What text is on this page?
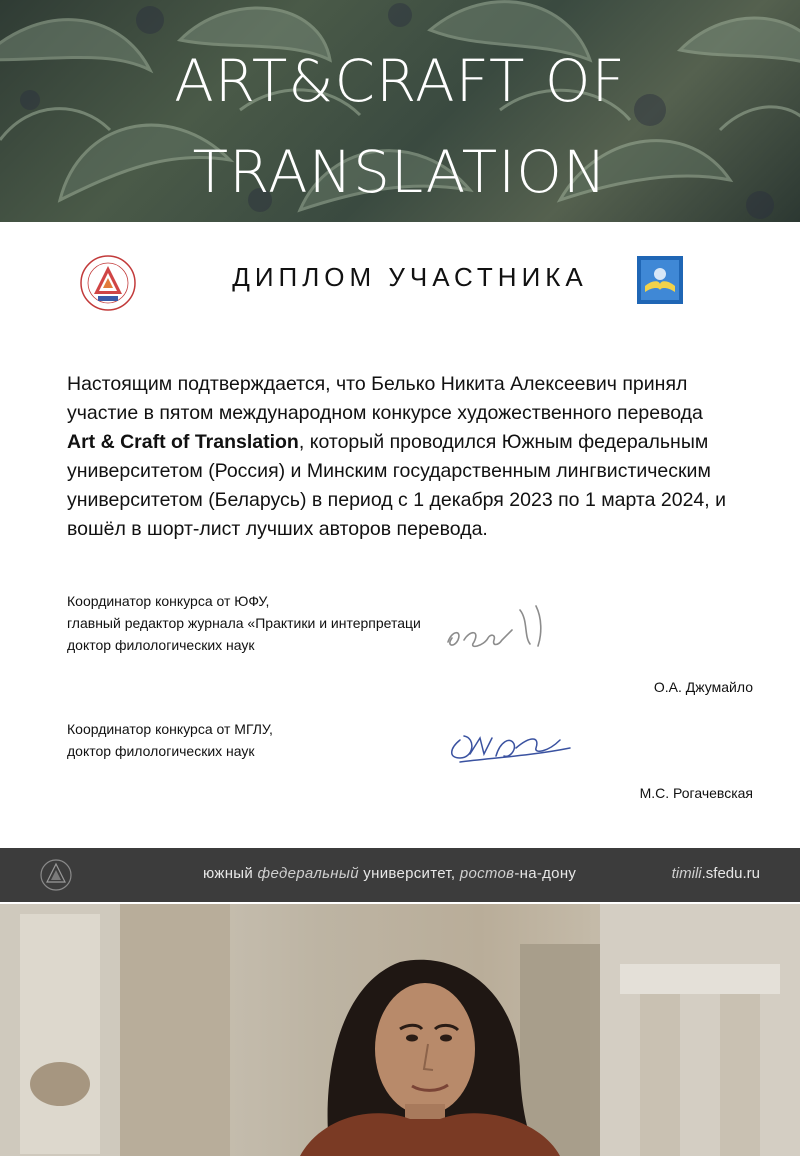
ART&CRAFT OF
TRANSLATION
ДИПЛОМ УЧАСТНИКА
Настоящим подтверждается, что Белько Никита Алексеевич принял
участие в пятом международном конкурсе художественного перевода
Art & Craft of Translation, который проводился Южным федеральным
университетом (Россия) и Минским государственным лингвистическим
университетом (Беларусь) в период с 1 декабря 2023 по 1 марта 2024, и
вошёл в шорт-лист лучших авторов перевода.
Координатор конкурса от ЮФУ,
главный редактор журнала «Практики и интерпретаци
доктор филологических наук
О.А. Джумайло
Координатор конкурса от МГЛУ,
доктор филологических наук
М.С. Рогачевская
южный федеральный университет, ростов-на-дону	timili.sfedu.ru
